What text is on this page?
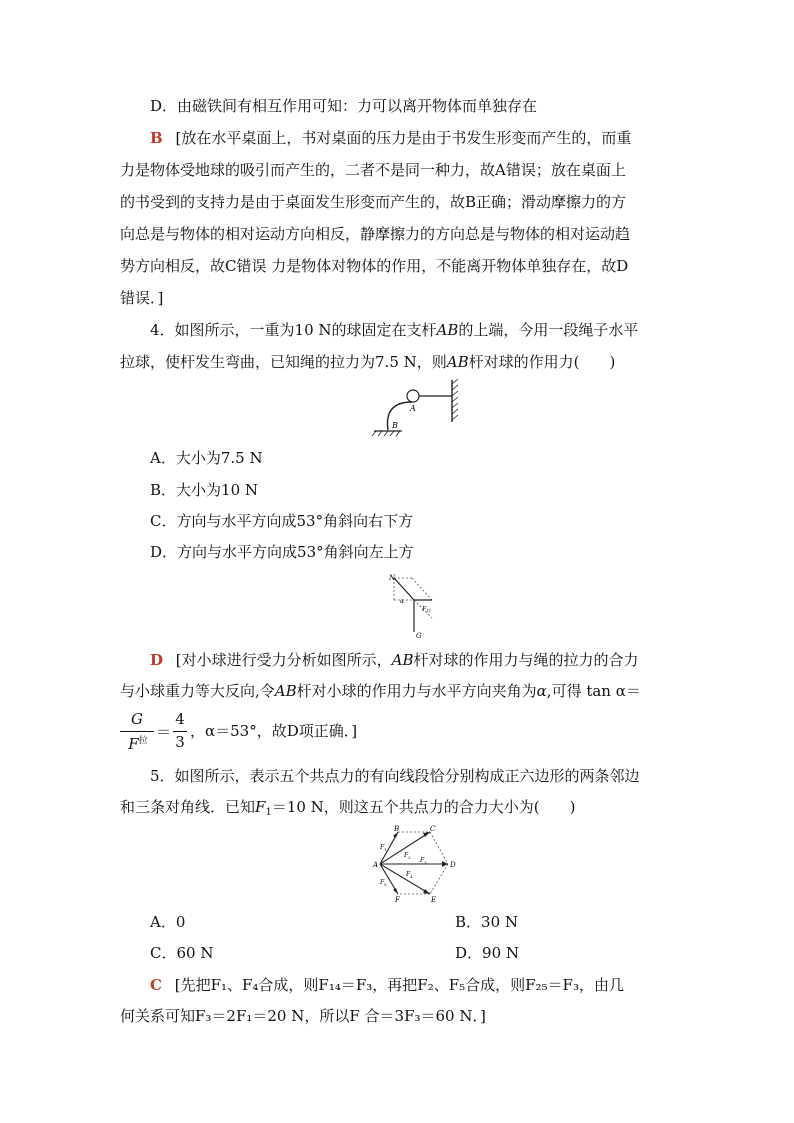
D．由磁铁间有相互作用可知：力可以离开物体而单独存在
B [放在水平桌面上，书对桌面的压力是由于书发生形变而产生的，而重
力是物体受地球的吸引而产生的，二者不是同一种力，故A错误；放在桌面上
的书受到的支持力是由于桌面发生形变而产生的，故B正确；滑动摩擦力的方
向总是与物体的相对运动方向相反，静摩擦力的方向总是与物体的相对运动趋
势方向相反，故C错误 力是物体对物体的作用，不能离开物体单独存在，故D
错误．]
4．如图所示，一重为10 N的球固定在支杆AB的上端，今用一段绳子水平
拉球，使杆发生弯曲，已知绳的拉力为7.5 N，则AB杆对球的作用力(　　)
A
B
A．大小为7.5 N
B．大小为10 N
C．方向与水平方向成53°角斜向右下方
D．方向与水平方向成53°角斜向左上方
N
α
F 拉
G
D [对小球进行受力分析如图所示，AB杆对球的作用力与绳的拉力的合力
与小球重力等大反向,令AB杆对小球的作用力与水平方向夹角为α,可得 tan α＝
G
$F^拉$ ＝
4
3
，α＝53°，故D项正确．]
5．如图所示，表示五个共点力的有向线段恰分别构成正六边形的两条邻边
和三条对角线．已知$F_1=10$ N，则这五个共点力的合力大小为(　　)
A
B	C
D
E
F
F 1
F 2 F 3
F 4
F 5
A．0	B．30 N
C．60 N	D．90 N
C [先把F₁、F₄合成，则F₁₄＝F₃，再把F₂、F₅合成，则F₂₅＝F₃，由几
何关系可知F₃＝2F₁＝20 N，所以F 合＝3F₃＝60 N．]
